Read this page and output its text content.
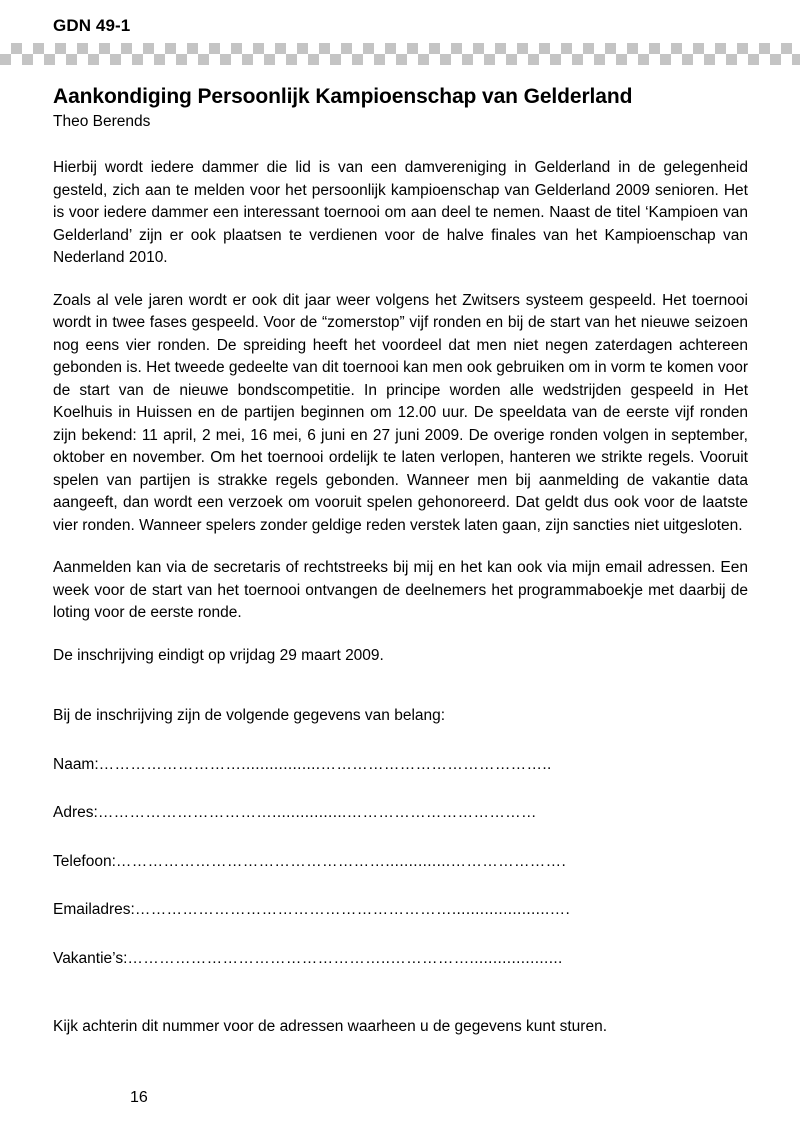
GDN 49-1
Aankondiging Persoonlijk Kampioenschap van Gelderland
Theo Berends

Hierbij wordt iedere dammer die lid is van een damvereniging in Gelderland in de gelegenheid gesteld, zich aan te melden voor het persoonlijk kampioenschap van Gelderland 2009 senioren. Het is voor iedere dammer een interessant toernooi om aan deel te nemen. Naast de titel ‘Kampioen van Gelderland’ zijn er ook plaatsen te verdienen voor de halve finales van het Kampioenschap van Nederland 2010.

Zoals al vele jaren wordt er ook dit jaar weer volgens het Zwitsers systeem gespeeld. Het toernooi wordt in twee fases gespeeld. Voor de “zomerstop” vijf ronden en bij de start van het nieuwe seizoen nog eens vier ronden. De spreiding heeft het voordeel dat men niet negen zaterdagen achtereen gebonden is. Het tweede gedeelte van dit toernooi kan men ook gebruiken om in vorm te komen voor de start van de nieuwe bondscompetitie. In principe worden alle wedstrijden gespeeld in Het Koelhuis in Huissen en de partijen beginnen om 12.00 uur. De speeldata van de eerste vijf ronden zijn bekend: 11 april, 2 mei, 16 mei, 6 juni en 27 juni 2009. De overige ronden volgen in september, oktober en november. Om het toernooi ordelijk te laten verlopen, hanteren we strikte regels. Vooruit spelen van partijen is strakke regels gebonden. Wanneer men bij aanmelding de vakantie data aangeeft, dan wordt een verzoek om vooruit spelen gehonoreerd. Dat geldt dus ook voor de laatste vier ronden. Wanneer spelers zonder geldige reden verstek laten gaan, zijn sancties niet uitgesloten.

Aanmelden kan via de secretaris of rechtstreeks bij mij en het kan ook via mijn email adressen. Een week voor de start van het toernooi ontvangen de deelnemers het programmaboekje met daarbij de loting voor de eerste ronde.

De inschrijving eindigt op vrijdag 29 maart 2009.

Bij de inschrijving zijn de volgende gegevens van belang:

Naam:……………………….................……………………………………..
Adres:……………………………................………………………………
Telefoon:……………………………………………..............………………….
Emailadres:…………………………………………………….....................….
Vakantie’s:…………………………………………..……………....................

Kijk achterin dit nummer voor de adressen waarheen u de gegevens kunt sturen.

16
